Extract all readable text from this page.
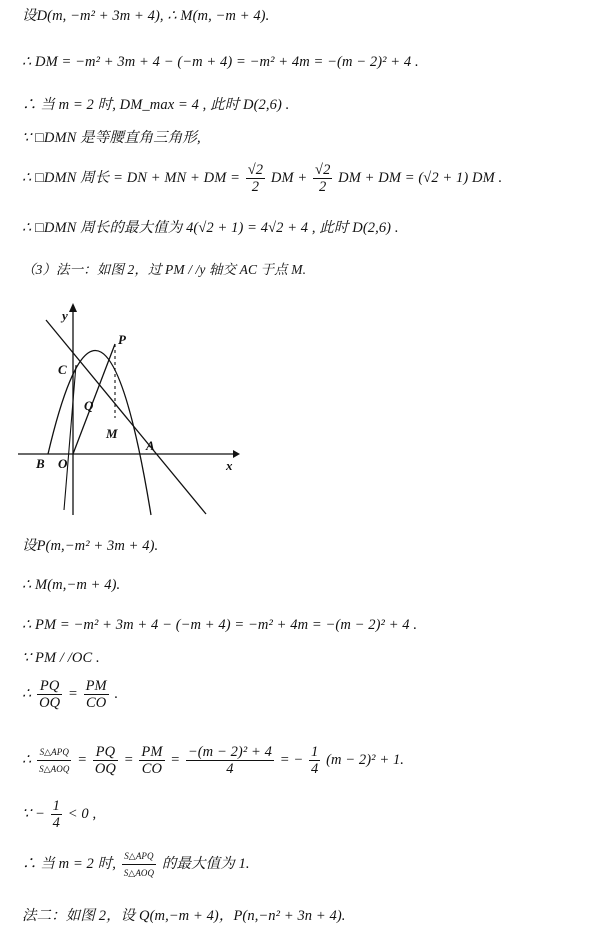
设D(m, −m² + 3m + 4), ∴ M(m, −m + 4).
∴ DM = −m² + 3m + 4 − (−m + 4) = −m² + 4m = −(m − 2)² + 4 .
∴ 当 m = 2 时, DM_max = 4 , 此时 D(2,6) .
∵ □DMN 是等腰直角三角形,
∴ □DMN 周长 = DN + MN + DM = $\frac{√2}{2}$ DM + $\frac{√2}{2}$ DM + DM = (√2 + 1) DM .
∴ □DMN 周长的最大值为 4(√2 + 1) = 4√2 + 4 , 此时 D(2,6) .
（3）法一：如图 2，过 PM / /y 轴交 AC 于点 M.
y
x
P
C
Q
M
A
B O
设P(m,−m² + 3m + 4).
∴ M(m,−m + 4).
∴ PM = −m² + 3m + 4 − (−m + 4) = −m² + 4m = −(m − 2)² + 4 .
∵ PM / /OC .
∴ $\frac{PQ}{OQ} = \frac{PM}{CO}$ .
∴ $\frac{\text{S△APQ}}{\text{S△AOQ}} = \frac{PQ}{OQ} = \frac{PM}{CO} = \frac{\text{−(m − 2)² + 4}}{4}$ = − $\frac{1}{4} (m - 2)^2 + 1$.
∵ − $\frac{1}{4} < 0$ ,
∴ 当 m = 2 时, $\frac{\text{S△APQ}}{\text{S△AOQ}}$ 的最大值为 1.
法二：如图 2，设 Q(m,−m + 4)，P(n,−n² + 3n + 4).
